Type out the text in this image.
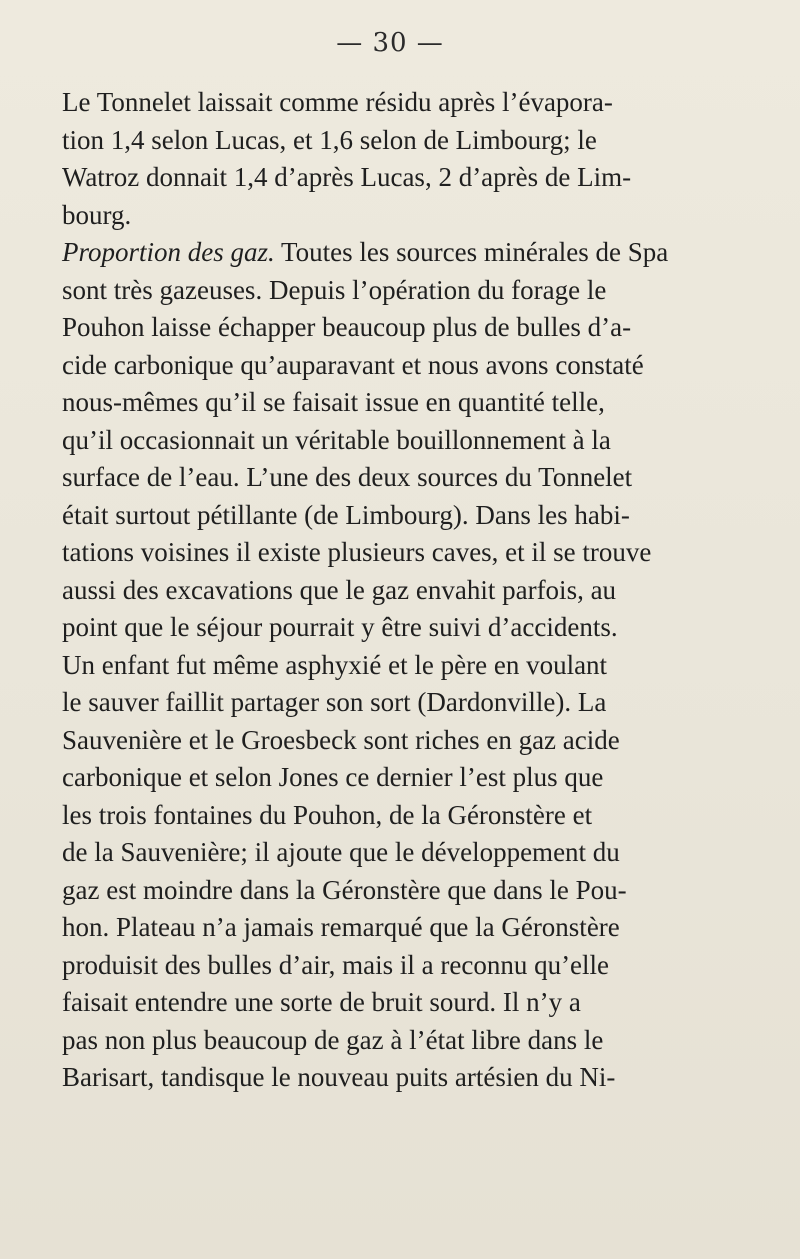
— 30 —
Le Tonnelet laissait comme résidu après l’évapora-
tion 1,4 selon Lucas, et 1,6 selon de Limbourg; le
Watroz donnait 1,4 d’après Lucas, 2 d’après de Lim-
bourg.
Proportion des gaz. Toutes les sources minérales de Spa
sont très gazeuses. Depuis l’opération du forage le
Pouhon laisse échapper beaucoup plus de bulles d’a-
cide carbonique qu’auparavant et nous avons constaté
nous-mêmes qu’il se faisait issue en quantité telle,
qu’il occasionnait un véritable bouillonnement à la
surface de l’eau. L’une des deux sources du Tonnelet
était surtout pétillante (de Limbourg). Dans les habi-
tations voisines il existe plusieurs caves, et il se trouve
aussi des excavations que le gaz envahit parfois, au
point que le séjour pourrait y être suivi d’accidents.
Un enfant fut même asphyxié et le père en voulant
le sauver faillit partager son sort (Dardonville). La
Sauvenière et le Groesbeck sont riches en gaz acide
carbonique et selon Jones ce dernier l’est plus que
les trois fontaines du Pouhon, de la Géronstère et
de la Sauvenière; il ajoute que le développement du
gaz est moindre dans la Géronstère que dans le Pou-
hon. Plateau n’a jamais remarqué que la Géronstère
produisit des bulles d’air, mais il a reconnu qu’elle
faisait entendre une sorte de bruit sourd. Il n’y a
pas non plus beaucoup de gaz à l’état libre dans le
Barisart, tandisque le nouveau puits artésien du Ni-
